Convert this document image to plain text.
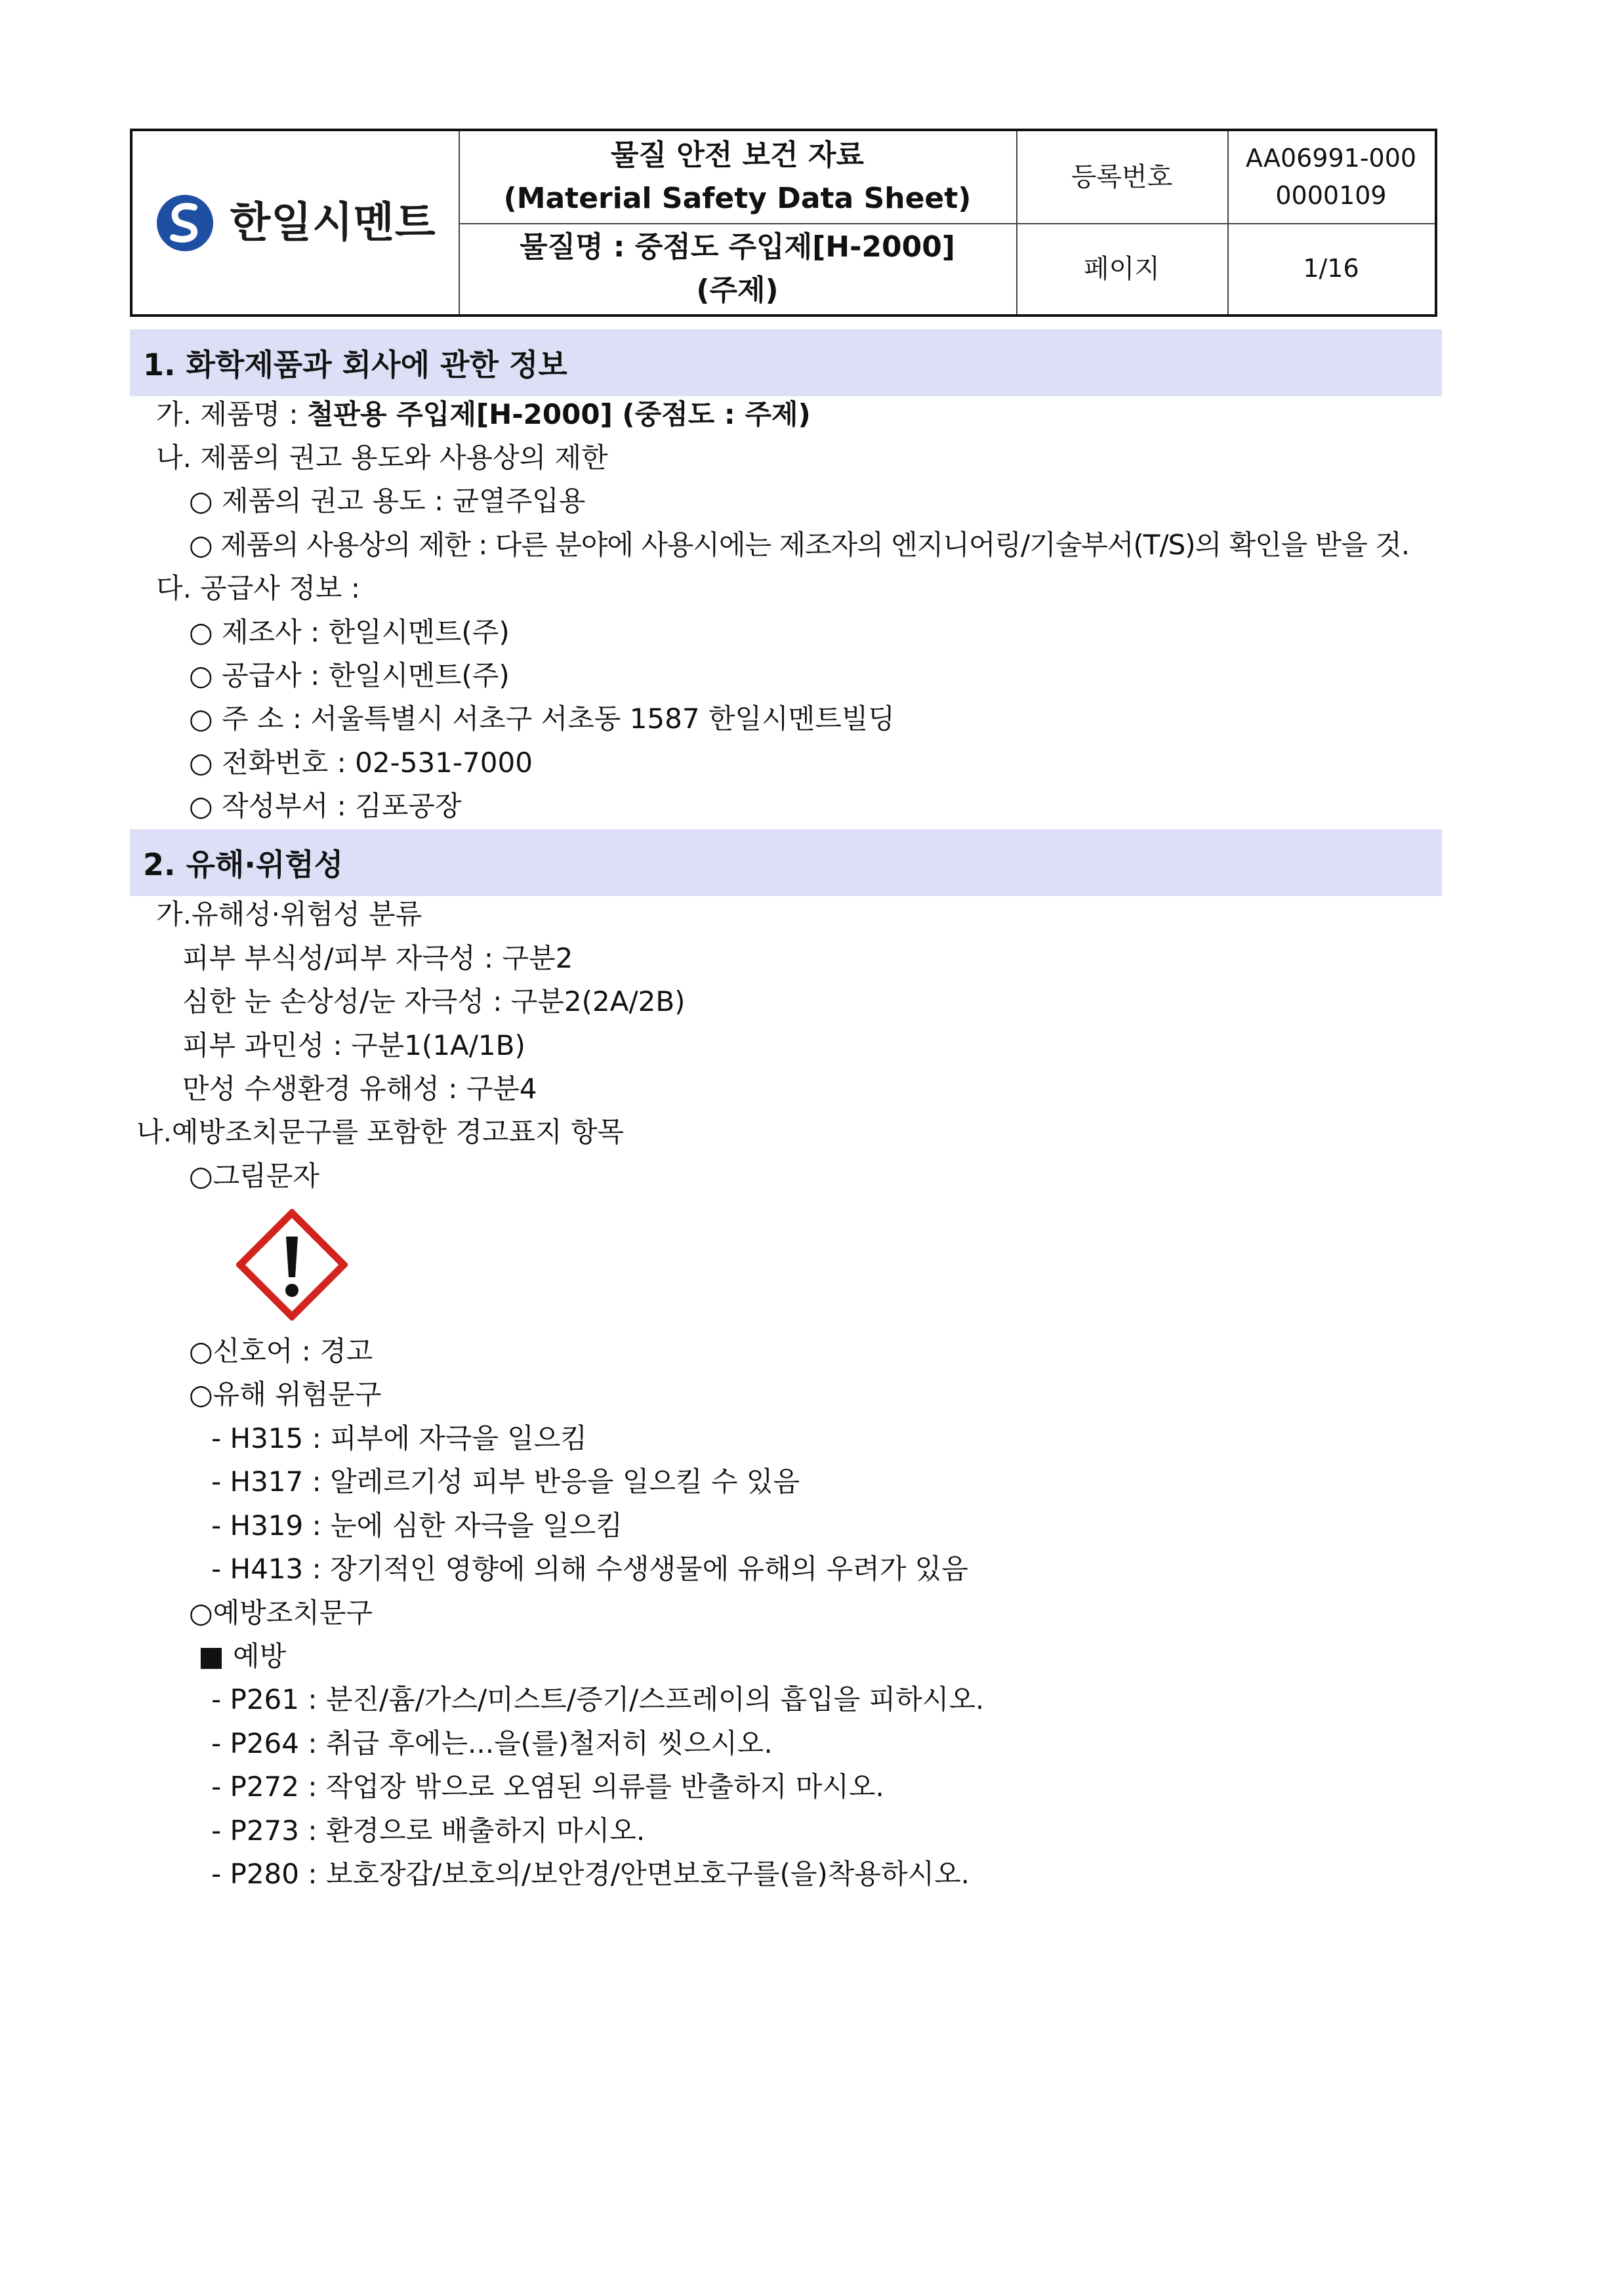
한일시멘트
물질 안전 보건 자료
(Material Safety Data Sheet)
물질명 : 중점도 주입제[H-2000]
(주제)
등록번호
AA06991-000
0000109
페이지	1/16
1. 화학제품과 회사에 관한 정보
가. 제품명 : 철판용 주입제[H-2000] (중점도 : 주제)
나. 제품의 권고 용도와 사용상의 제한
○ 제품의 권고 용도 : 균열주입용
○ 제품의 사용상의 제한 : 다른 분야에 사용시에는 제조자의 엔지니어링/기술부서(T/S)의 확인을 받을 것.
다. 공급사 정보 :
○ 제조사 : 한일시멘트(주)
○ 공급사 : 한일시멘트(주)
○ 주 소 : 서울특별시 서초구 서초동 1587 한일시멘트빌딩
○ 전화번호 : 02-531-7000
○ 작성부서 : 김포공장
2. 유해·위험성
가.유해성·위험성 분류
피부 부식성/피부 자극성 : 구분2
심한 눈 손상성/눈 자극성 : 구분2(2A/2B)
피부 과민성 : 구분1(1A/1B)
만성 수생환경 유해성 : 구분4
나.예방조치문구를 포함한 경고표지 항목
○그림문자
○신호어 : 경고
○유해 위험문구
- H315 : 피부에 자극을 일으킴
- H317 : 알레르기성 피부 반응을 일으킬 수 있음
- H319 : 눈에 심한 자극을 일으킴
- H413 : 장기적인 영향에 의해 수생생물에 유해의 우려가 있음
○예방조치문구
■ 예방
- P261 : 분진/흄/가스/미스트/증기/스프레이의 흡입을 피하시오.
- P264 : 취급 후에는...을(를)철저히 씻으시오.
- P272 : 작업장 밖으로 오염된 의류를 반출하지 마시오.
- P273 : 환경으로 배출하지 마시오.
- P280 : 보호장갑/보호의/보안경/안면보호구를(을)착용하시오.
